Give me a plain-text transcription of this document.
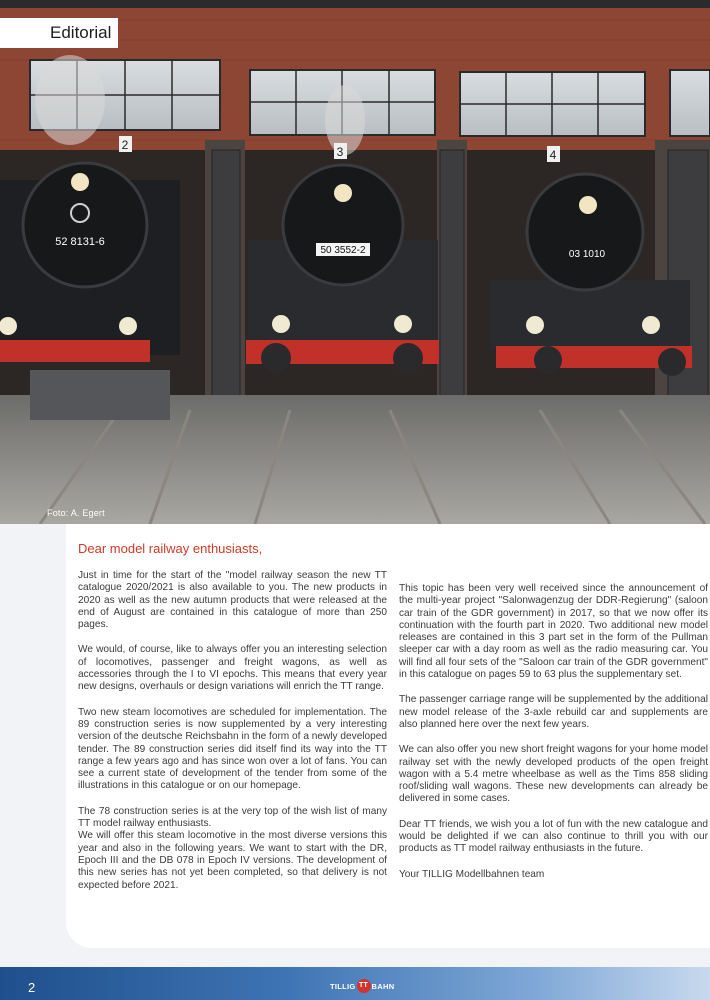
52 8131-6
50 3552-2	03 1010
2	3	4
Editorial
Foto: A. Egert
Dear model railway enthusiasts,

Just in time for the start of the "model railway season the new TT catalogue 2020/2021 is also available to you. The new products in 2020 as well as the new autumn products that were released at the end of August are contained in this catalogue of more than 250 pages.

We would, of course, like to always offer you an interesting selection of locomotives, passenger and freight wagons, as well as accessories through the I to VI epochs. This means that every year new designs, overhauls or design variations will enrich the TT range.

Two new steam locomotives are scheduled for implementation. The 89 construction series is now supplemented by a very interesting version of the deutsche Reichsbahn in the form of a newly developed tender. The 89 construction series did itself find its way into the TT range a few years ago and has since won over a lot of fans. You can see a current state of development of the tender from some of the illustrations in this catalogue or on our homepage.

The 78 construction series is at the very top of the wish list of many TT model railway enthusiasts.

We will offer this steam locomotive in the most diverse versions this year and also in the following years. We want to start with the DR, Epoch III and the DB 078 in Epoch IV versions. The development of this new series has not yet been completed, so that delivery is not expected before 2021.

This topic has been very well received since the announcement of the multi-year project "Salonwagenzug der DDR-Regierung" (saloon car train of the GDR government) in 2017, so that we now offer its continuation with the fourth part in 2020. Two additional new model releases are contained in this 3 part set in the form of the Pullman sleeper car with a day room as well as the radio measuring car. You will find all four sets of the "Saloon car train of the GDR government" in this catalogue on pages 59 to 63 plus the supplementary set.

The passenger carriage range will be supplemented by the additional new model release of the 3-axle rebuild car and supplements are also planned here over the next few years.

We can also offer you new short freight wagons for your home model railway set with the newly developed products of the open freight wagon with a 5.4 metre wheelbase as well as the Tims 858 sliding roof/sliding wall wagons. These new developments can already be delivered in some cases.

Dear TT friends, we wish you a lot of fun with the new catalogue and would be delighted if we can also continue to thrill you with our products as TT model railway enthusiasts in the future.

Your TILLIG Modellbahnen team

2	TILLIG TT BAHN
